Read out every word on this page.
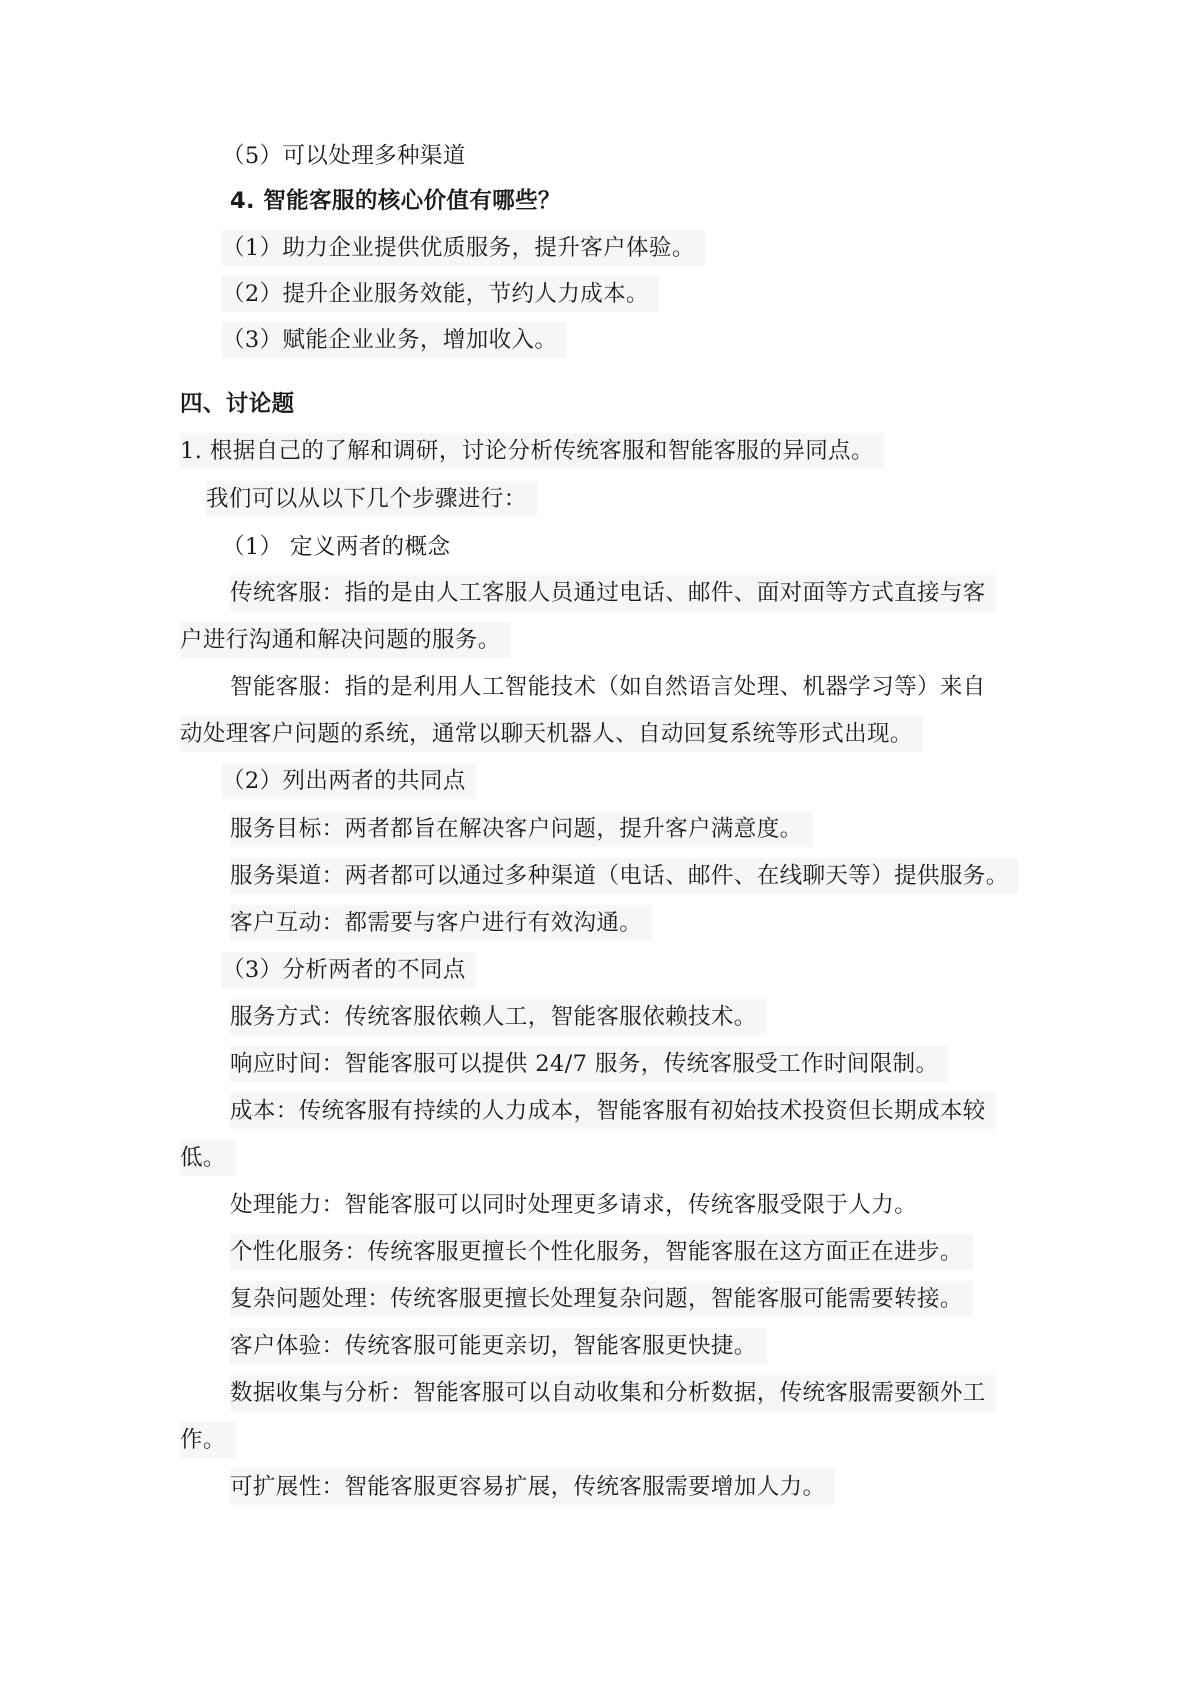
（5）可以处理多种渠道
4. 智能客服的核心价值有哪些？
（1）助力企业提供优质服务，提升客户体验。
（2）提升企业服务效能，节约人力成本。
（3）赋能企业业务，增加收入。
四、讨论题
1. 根据自己的了解和调研，讨论分析传统客服和智能客服的异同点。
我们可以从以下几个步骤进行：
（1） 定义两者的概念
传统客服：指的是由人工客服人员通过电话、邮件、面对面等方式直接与客
户进行沟通和解决问题的服务。
智能客服：指的是利用人工智能技术（如自然语言处理、机器学习等）来自
动处理客户问题的系统，通常以聊天机器人、自动回复系统等形式出现。
（2）列出两者的共同点
服务目标：两者都旨在解决客户问题，提升客户满意度。
服务渠道：两者都可以通过多种渠道（电话、邮件、在线聊天等）提供服务。
客户互动：都需要与客户进行有效沟通。
（3）分析两者的不同点
服务方式：传统客服依赖人工，智能客服依赖技术。
响应时间：智能客服可以提供 24/7 服务，传统客服受工作时间限制。
成本：传统客服有持续的人力成本，智能客服有初始技术投资但长期成本较
低。
处理能力：智能客服可以同时处理更多请求，传统客服受限于人力。
个性化服务：传统客服更擅长个性化服务，智能客服在这方面正在进步。
复杂问题处理：传统客服更擅长处理复杂问题，智能客服可能需要转接。
客户体验：传统客服可能更亲切，智能客服更快捷。
数据收集与分析：智能客服可以自动收集和分析数据，传统客服需要额外工
作。
可扩展性：智能客服更容易扩展，传统客服需要增加人力。
